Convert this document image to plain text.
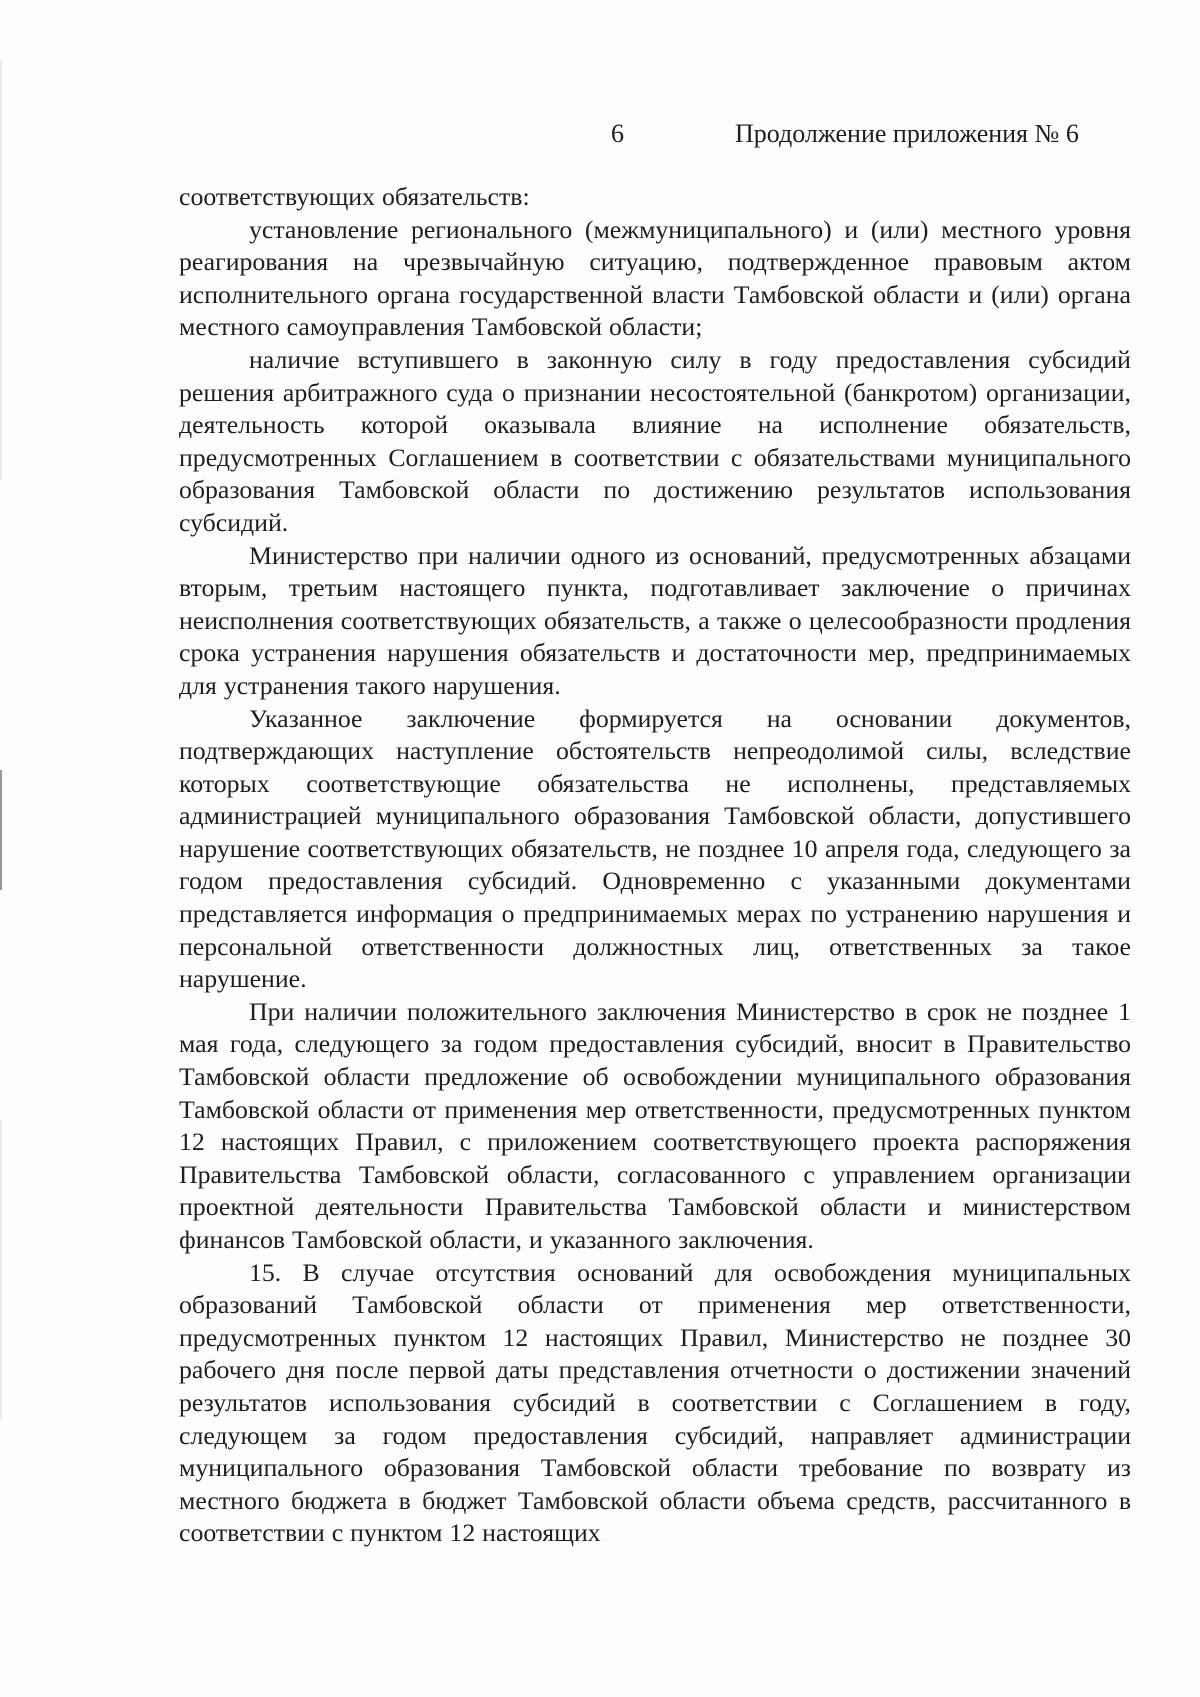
6	Продолжение приложения № 6

соответствующих обязательств:

установление регионального (межмуниципального) и (или) местного уровня реагирования на чрезвычайную ситуацию, подтвержденное правовым актом исполнительного органа государственной власти Тамбовской области и (или) органа местного самоуправления Тамбовской области;

наличие вступившего в законную силу в году предоставления субсидий решения арбитражного суда о признании несостоятельной (банкротом) организации, деятельность которой оказывала влияние на исполнение обязательств, предусмотренных Соглашением в соответствии с обязательствами муниципального образования Тамбовской области по достижению результатов использования субсидий.

Министерство при наличии одного из оснований, предусмотренных абзацами вторым, третьим настоящего пункта, подготавливает заключение о причинах неисполнения соответствующих обязательств, а также о целесообразности продления срока устранения нарушения обязательств и достаточности мер, предпринимаемых для устранения такого нарушения.

Указанное заключение формируется на основании документов, подтверждающих наступление обстоятельств непреодолимой силы, вследствие которых соответствующие обязательства не исполнены, представляемых администрацией муниципального образования Тамбовской области, допустившего нарушение соответствующих обязательств, не позднее 10 апреля года, следующего за годом предоставления субсидий. Одновременно с указанными документами представляется информация о предпринимаемых мерах по устранению нарушения и персональной ответственности должностных лиц, ответственных за такое нарушение.

При наличии положительного заключения Министерство в срок не позднее 1 мая года, следующего за годом предоставления субсидий, вносит в Правительство Тамбовской области предложение об освобождении муниципального образования Тамбовской области от применения мер ответственности, предусмотренных пунктом 12 настоящих Правил, с приложением соответствующего проекта распоряжения Правительства Тамбовской области, согласованного с управлением организации проектной деятельности Правительства Тамбовской области и министерством финансов Тамбовской области, и указанного заключения.

15. В случае отсутствия оснований для освобождения муниципальных образований Тамбовской области от применения мер ответственности, предусмотренных пунктом 12 настоящих Правил, Министерство не позднее 30 рабочего дня после первой даты представления отчетности о достижении значений результатов использования субсидий в соответствии с Соглашением в году, следующем за годом предоставления субсидий, направляет администрации муниципального образования Тамбовской области требование по возврату из местного бюджета в бюджет Тамбовской области объема средств, рассчитанного в соответствии с пунктом 12 настоящих
